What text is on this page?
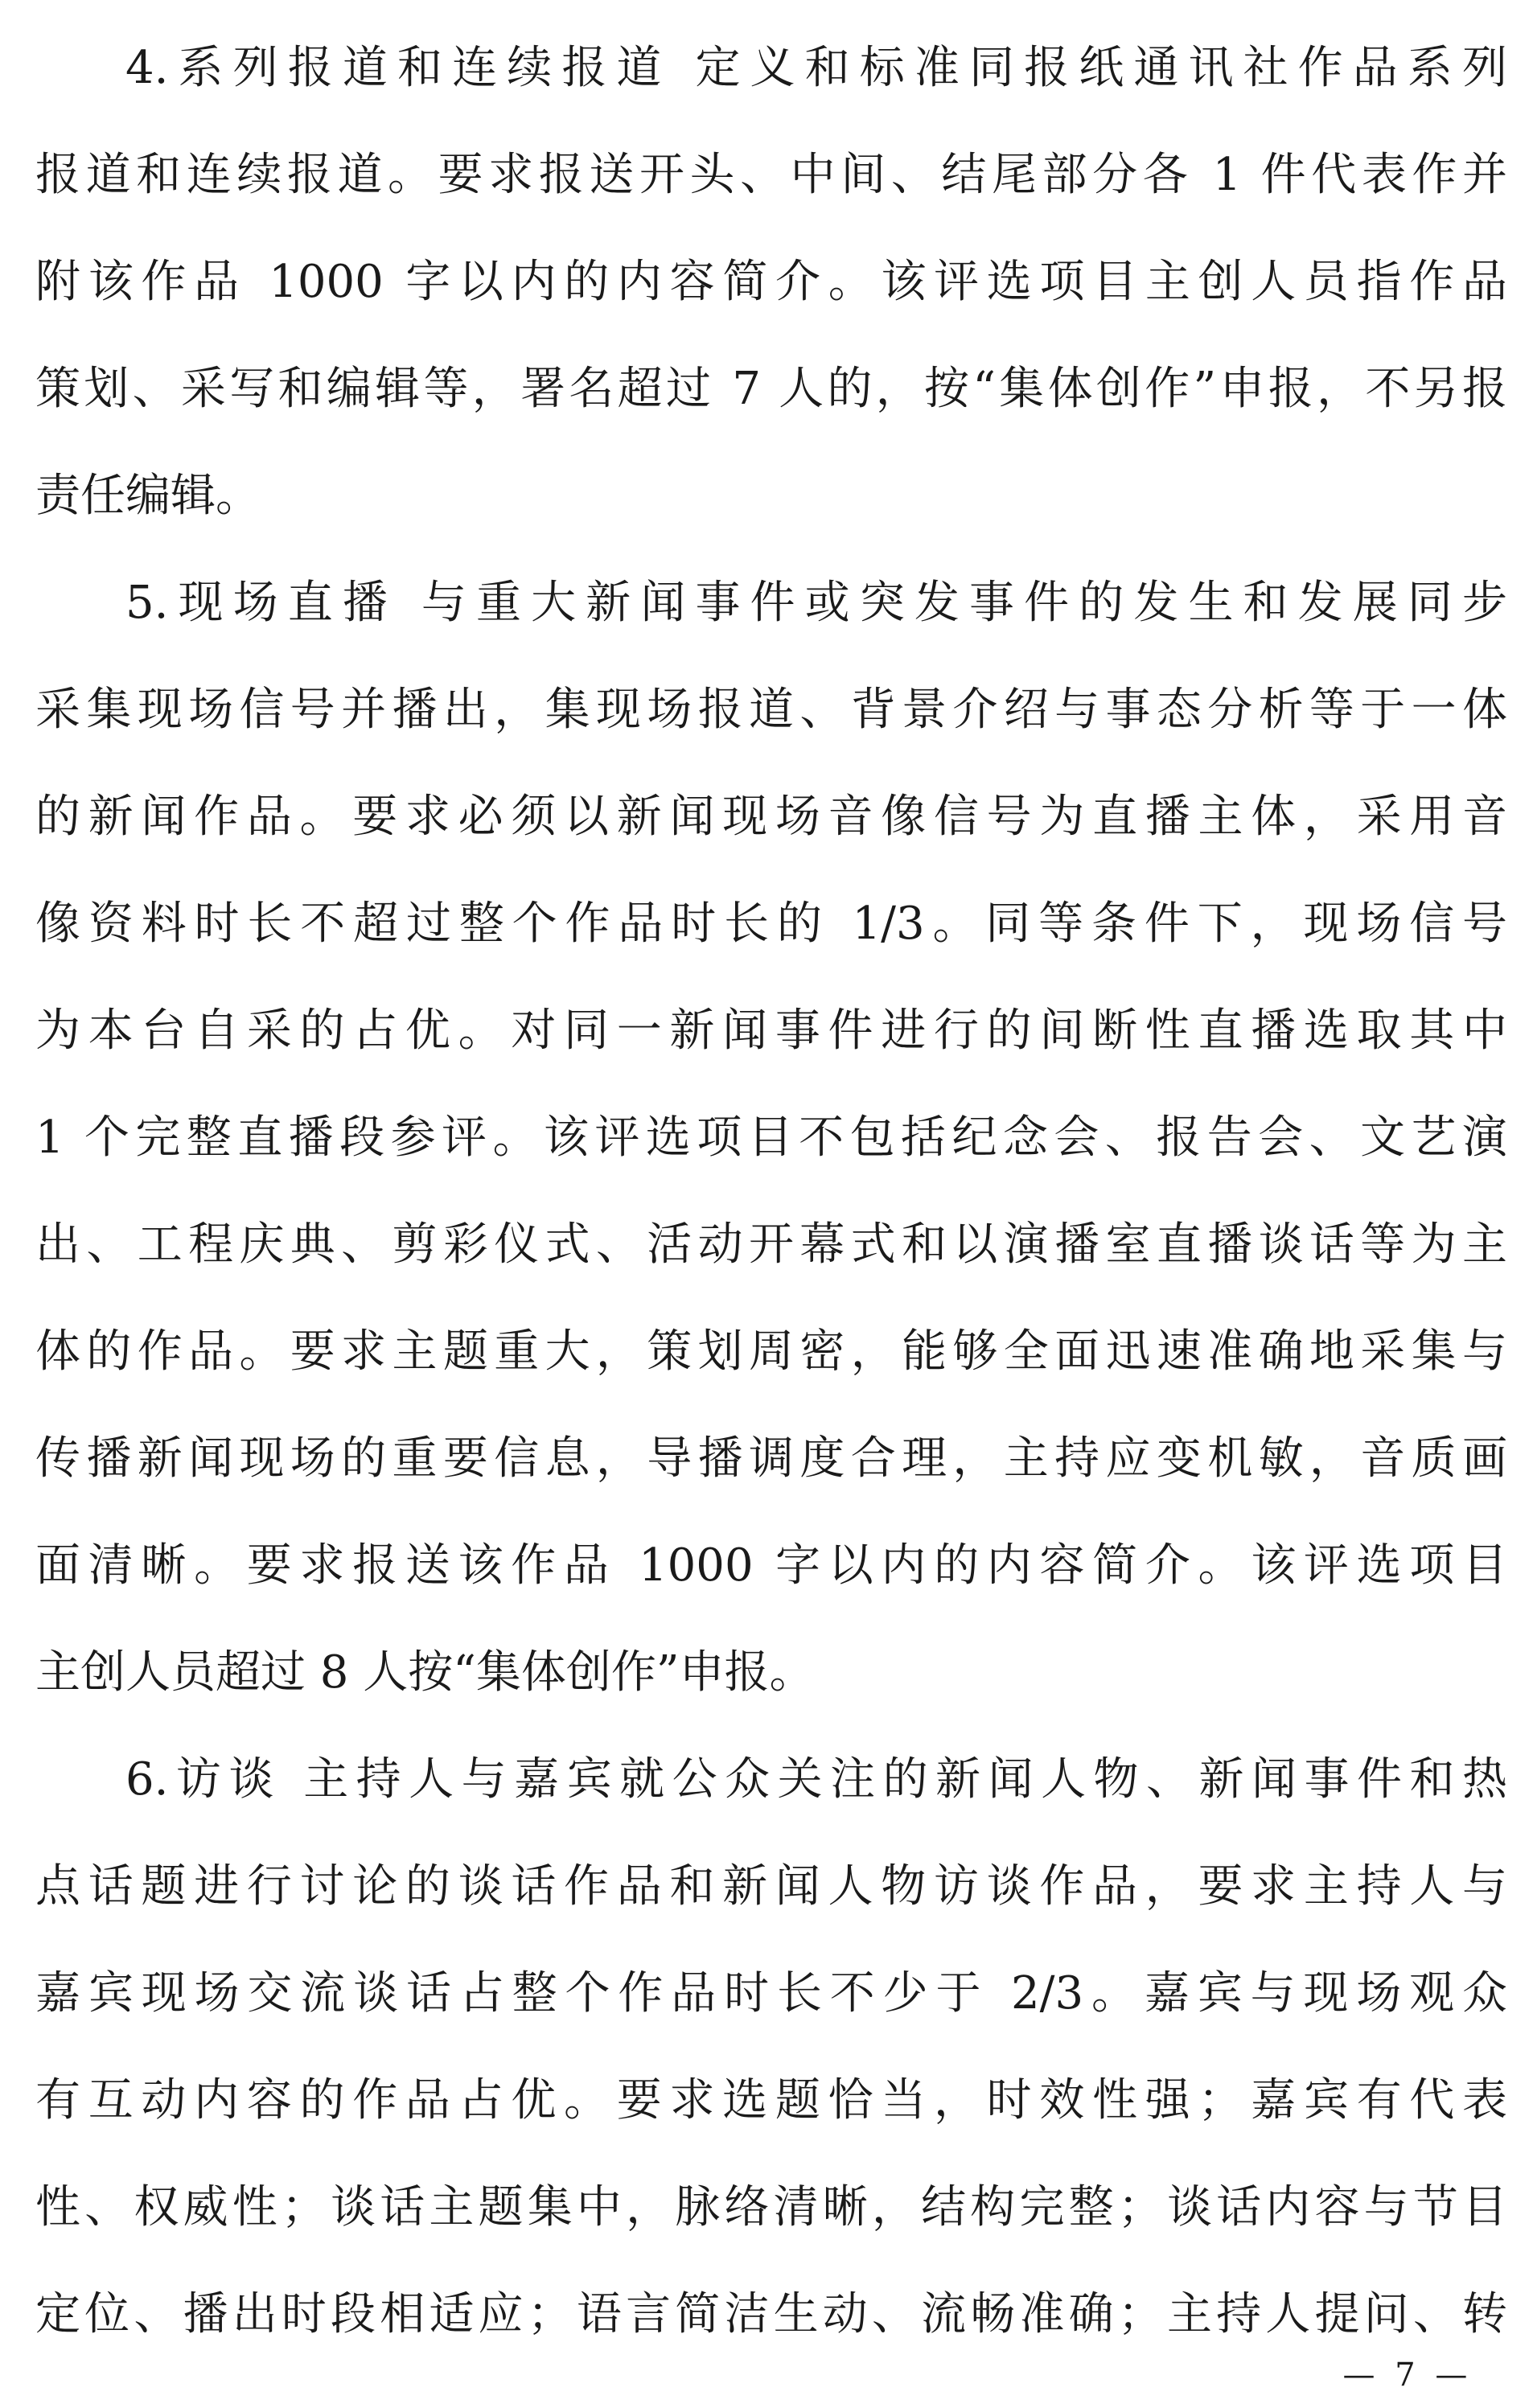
4.系列报道和连续报道 定义和标准同报纸通讯社作品系列
报道和连续报道。要求报送开头、中间、结尾部分各 1 件代表作并
附该作品 1000 字以内的内容简介。该评选项目主创人员指作品
策划、采写和编辑等，署名超过 7 人的，按“集体创作”申报，不另报
责任编辑。
5.现场直播 与重大新闻事件或突发事件的发生和发展同步
采集现场信号并播出，集现场报道、背景介绍与事态分析等于一体
的新闻作品。要求必须以新闻现场音像信号为直播主体，采用音
像资料时长不超过整个作品时长的 1/3。同等条件下，现场信号
为本台自采的占优。对同一新闻事件进行的间断性直播选取其中
1 个完整直播段参评。该评选项目不包括纪念会、报告会、文艺演
出、工程庆典、剪彩仪式、活动开幕式和以演播室直播谈话等为主
体的作品。要求主题重大，策划周密，能够全面迅速准确地采集与
传播新闻现场的重要信息，导播调度合理，主持应变机敏，音质画
面清晰。要求报送该作品 1000 字以内的内容简介。该评选项目
主创人员超过 8 人按“集体创作”申报。
6.访谈 主持人与嘉宾就公众关注的新闻人物、新闻事件和热
点话题进行讨论的谈话作品和新闻人物访谈作品，要求主持人与
嘉宾现场交流谈话占整个作品时长不少于 2/3。嘉宾与现场观众
有互动内容的作品占优。要求选题恰当，时效性强；嘉宾有代表
性、权威性；谈话主题集中，脉络清晰，结构完整；谈话内容与节目
定位、播出时段相适应；语言简洁生动、流畅准确；主持人提问、转
— 7 —
